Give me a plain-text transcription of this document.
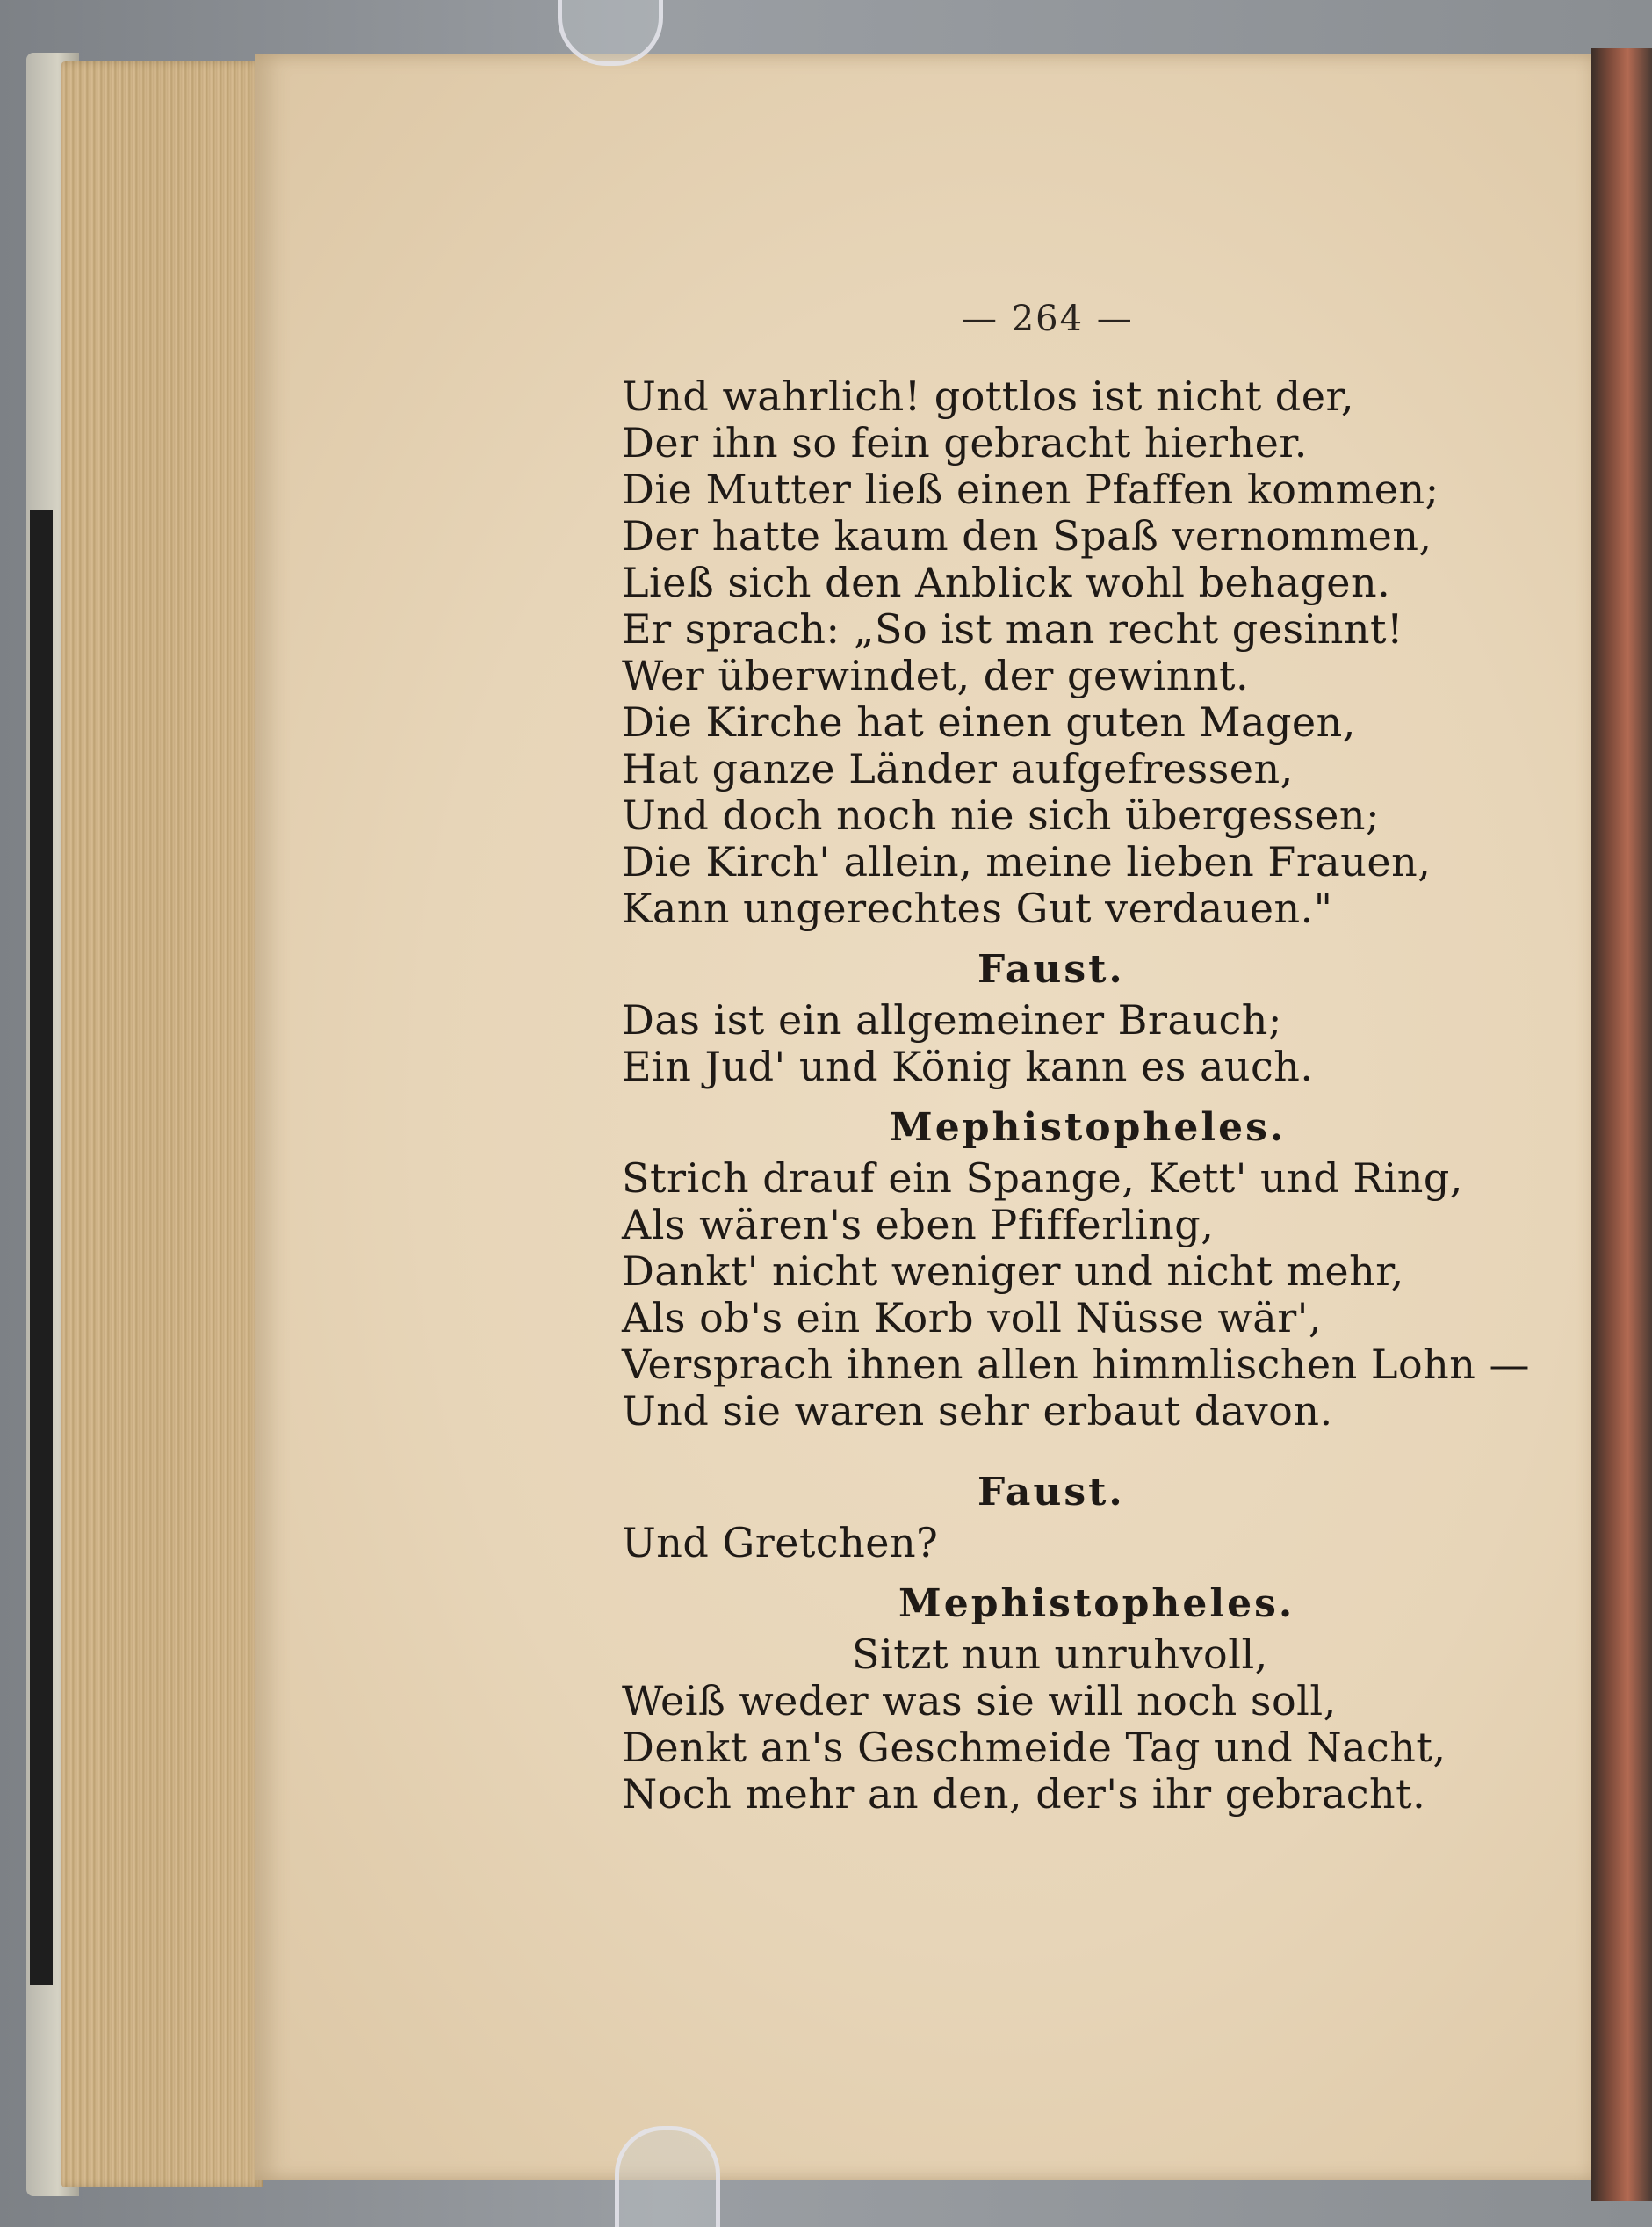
— 264 —
Und wahrlich! gottlos ist nicht der,
Der ihn so fein gebracht hierher.
Die Mutter ließ einen Pfaffen kommen;
Der hatte kaum den Spaß vernommen,
Ließ sich den Anblick wohl behagen.
Er sprach: „So ist man recht gesinnt!
Wer überwindet, der gewinnt.
Die Kirche hat einen guten Magen,
Hat ganze Länder aufgefressen,
Und doch noch nie sich übergessen;
Die Kirch' allein, meine lieben Frauen,
Kann ungerechtes Gut verdauen."
Faust.
Das ist ein allgemeiner Brauch;
Ein Jud' und König kann es auch.
Mephistopheles.
Strich drauf ein Spange, Kett' und Ring,
Als wären's eben Pfifferling,
Dankt' nicht weniger und nicht mehr,
Als ob's ein Korb voll Nüsse wär',
Versprach ihnen allen himmlischen Lohn —
Und sie waren sehr erbaut davon.
Faust.
Und Gretchen?
Mephistopheles.
Sitzt nun unruhvoll,
Weiß weder was sie will noch soll,
Denkt an's Geschmeide Tag und Nacht,
Noch mehr an den, der's ihr gebracht.
